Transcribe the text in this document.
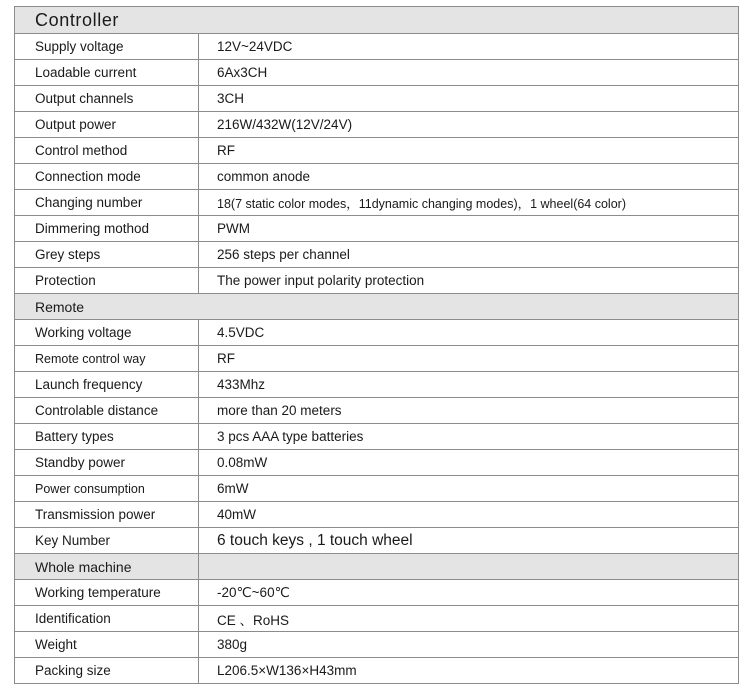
Controller	
Supply voltage	12V~24VDC
Loadable current	6Ax3CH
Output channels	3CH
Output power	216W/432W(12V/24V)
Control method	RF
Connection mode	common anode
Changing number	18(7 static color modes，11dynamic changing modes)，1 wheel(64 color)
Dimmering mothod	PWM
Grey steps	256 steps per channel
Protection	The power input polarity protection
Remote	
Working voltage	4.5VDC
Remote control way	RF
Launch frequency	433Mhz
Controlable distance	more than 20 meters
Battery types	3 pcs AAA type batteries
Standby power	0.08mW
Power consumption	6mW
Transmission power	40mW
Key Number	6 touch keys , 1 touch wheel
Whole machine	
Working temperature	-20℃~60℃
Identification	CE 、RoHS
Weight	380g
Packing size	L206.5×W136×H43mm
